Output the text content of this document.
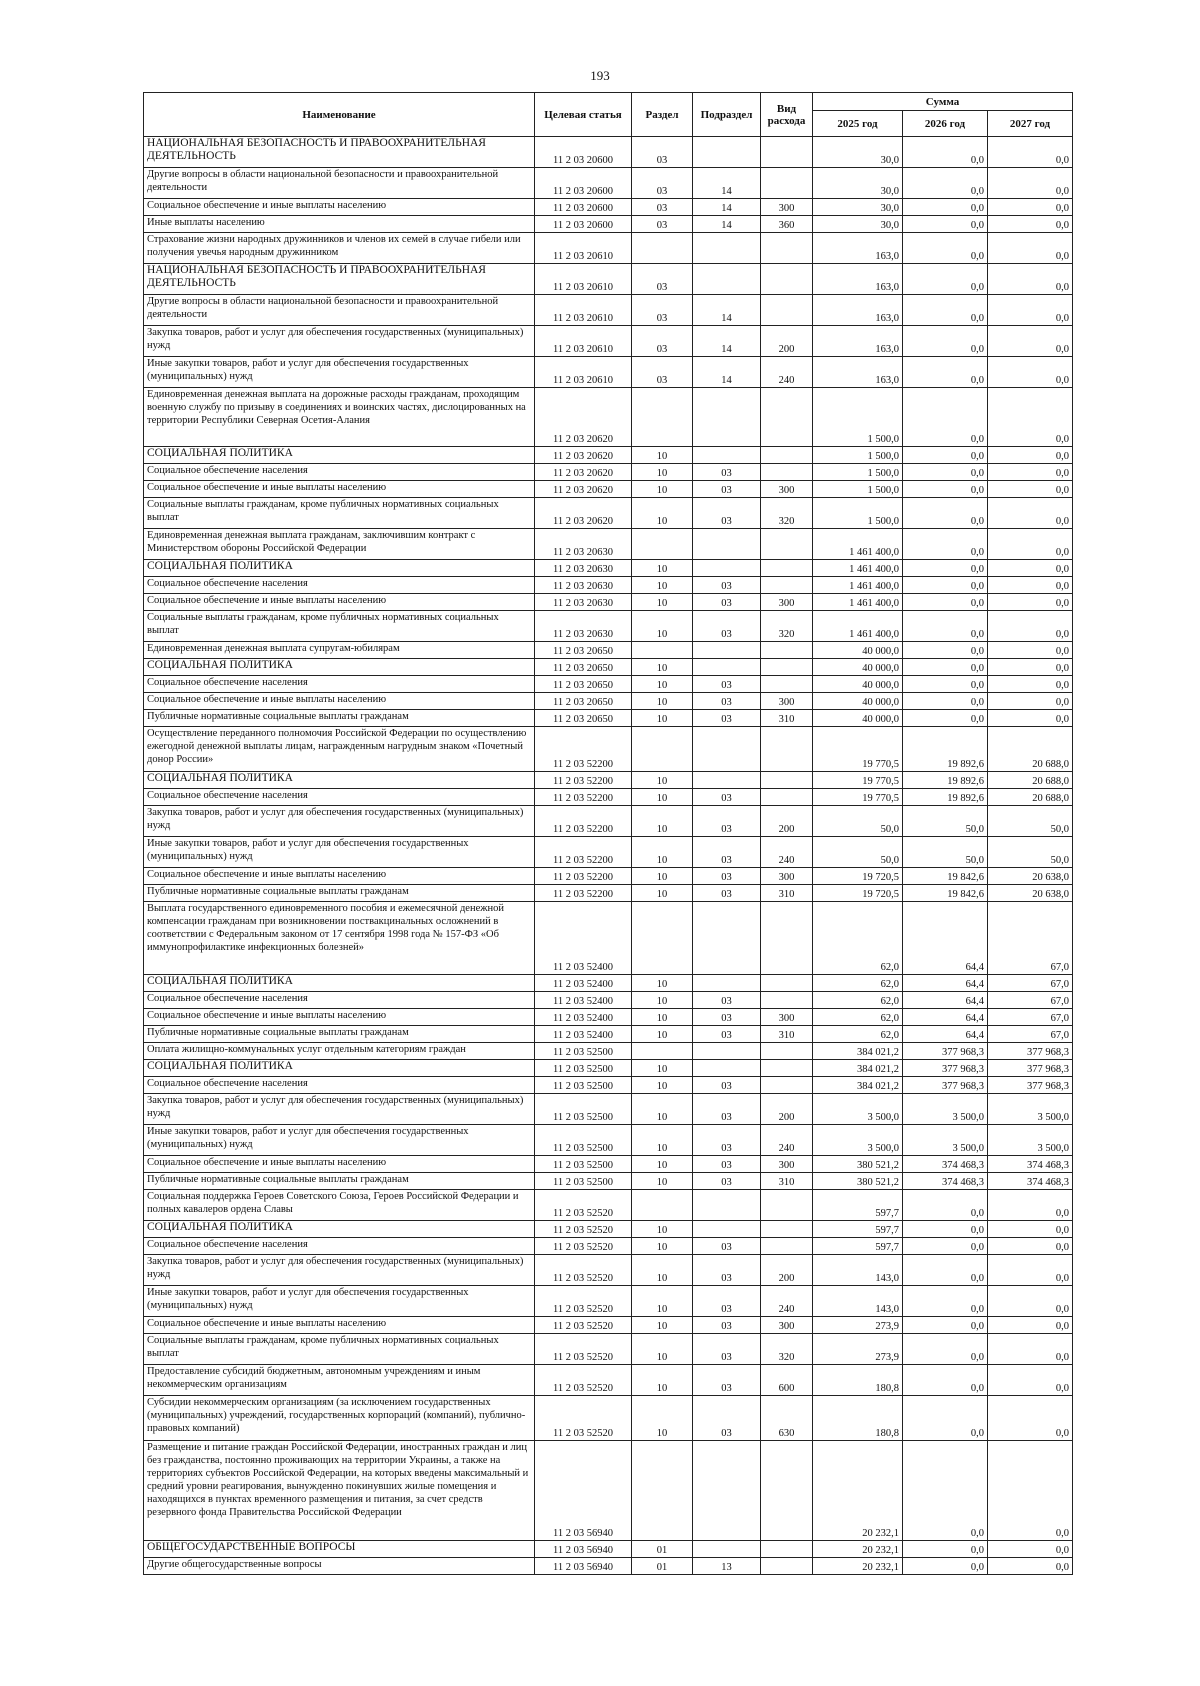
193
Наименование	Целевая статья	Раздел	Подраздел	Вид расхода	Сумма		
					2025 год	2026 год	2027 год
НАЦИОНАЛЬНАЯ БЕЗОПАСНОСТЬ И ПРАВООХРАНИТЕЛЬНАЯ ДЕЯТЕЛЬНОСТЬ	11 2 03 20600	03			30,0	0,0	0,0
Другие вопросы в области национальной безопасности и правоохранительной деятельности	11 2 03 20600	03	14		30,0	0,0	0,0
Социальное обеспечение и иные выплаты населению	11 2 03 20600	03	14	300	30,0	0,0	0,0
Иные выплаты населению	11 2 03 20600	03	14	360	30,0	0,0	0,0
Страхование жизни народных дружинников и членов их семей в случае гибели или получения увечья народным дружинником	11 2 03 20610				163,0	0,0	0,0
НАЦИОНАЛЬНАЯ БЕЗОПАСНОСТЬ И ПРАВООХРАНИТЕЛЬНАЯ ДЕЯТЕЛЬНОСТЬ	11 2 03 20610	03			163,0	0,0	0,0
Другие вопросы в области национальной безопасности и правоохранительной деятельности	11 2 03 20610	03	14		163,0	0,0	0,0
Закупка товаров, работ и услуг для обеспечения государственных (муниципальных) нужд	11 2 03 20610	03	14	200	163,0	0,0	0,0
Иные закупки товаров, работ и услуг для обеспечения государственных (муниципальных) нужд	11 2 03 20610	03	14	240	163,0	0,0	0,0
Единовременная денежная выплата на дорожные расходы гражданам, проходящим военную службу по призыву в соединениях и воинских частях, дислоцированных на территории Республики Северная Осетия-Алания	11 2 03 20620				1 500,0	0,0	0,0
СОЦИАЛЬНАЯ ПОЛИТИКА	11 2 03 20620	10			1 500,0	0,0	0,0
Социальное обеспечение населения	11 2 03 20620	10	03		1 500,0	0,0	0,0
Социальное обеспечение и иные выплаты населению	11 2 03 20620	10	03	300	1 500,0	0,0	0,0
Социальные выплаты гражданам, кроме публичных нормативных социальных выплат	11 2 03 20620	10	03	320	1 500,0	0,0	0,0
Единовременная денежная выплата гражданам, заключившим контракт с Министерством обороны Российской Федерации	11 2 03 20630				1 461 400,0	0,0	0,0
СОЦИАЛЬНАЯ ПОЛИТИКА	11 2 03 20630	10			1 461 400,0	0,0	0,0
Социальное обеспечение населения	11 2 03 20630	10	03		1 461 400,0	0,0	0,0
Социальное обеспечение и иные выплаты населению	11 2 03 20630	10	03	300	1 461 400,0	0,0	0,0
Социальные выплаты гражданам, кроме публичных нормативных социальных выплат	11 2 03 20630	10	03	320	1 461 400,0	0,0	0,0
Единовременная денежная выплата супругам-юбилярам	11 2 03 20650				40 000,0	0,0	0,0
СОЦИАЛЬНАЯ ПОЛИТИКА	11 2 03 20650	10			40 000,0	0,0	0,0
Социальное обеспечение населения	11 2 03 20650	10	03		40 000,0	0,0	0,0
Социальное обеспечение и иные выплаты населению	11 2 03 20650	10	03	300	40 000,0	0,0	0,0
Публичные нормативные социальные выплаты гражданам	11 2 03 20650	10	03	310	40 000,0	0,0	0,0
Осуществление переданного полномочия Российской Федерации по осуществлению ежегодной денежной выплаты лицам, награжденным нагрудным знаком «Почетный донор России»	11 2 03 52200				19 770,5	19 892,6	20 688,0
СОЦИАЛЬНАЯ ПОЛИТИКА	11 2 03 52200	10			19 770,5	19 892,6	20 688,0
Социальное обеспечение населения	11 2 03 52200	10	03		19 770,5	19 892,6	20 688,0
Закупка товаров, работ и услуг для обеспечения государственных (муниципальных) нужд	11 2 03 52200	10	03	200	50,0	50,0	50,0
Иные закупки товаров, работ и услуг для обеспечения государственных (муниципальных) нужд	11 2 03 52200	10	03	240	50,0	50,0	50,0
Социальное обеспечение и иные выплаты населению	11 2 03 52200	10	03	300	19 720,5	19 842,6	20 638,0
Публичные нормативные социальные выплаты гражданам	11 2 03 52200	10	03	310	19 720,5	19 842,6	20 638,0
Выплата государственного единовременного пособия и ежемесячной денежной компенсации гражданам при возникновении поствакцинальных осложнений в соответствии с Федеральным законом от 17 сентября 1998 года № 157-ФЗ «Об иммунопрофилактике инфекционных болезней»	11 2 03 52400				62,0	64,4	67,0
СОЦИАЛЬНАЯ ПОЛИТИКА	11 2 03 52400	10			62,0	64,4	67,0
Социальное обеспечение населения	11 2 03 52400	10	03		62,0	64,4	67,0
Социальное обеспечение и иные выплаты населению	11 2 03 52400	10	03	300	62,0	64,4	67,0
Публичные нормативные социальные выплаты гражданам	11 2 03 52400	10	03	310	62,0	64,4	67,0
Оплата жилищно-коммунальных услуг отдельным категориям граждан	11 2 03 52500				384 021,2	377 968,3	377 968,3
СОЦИАЛЬНАЯ ПОЛИТИКА	11 2 03 52500	10			384 021,2	377 968,3	377 968,3
Социальное обеспечение населения	11 2 03 52500	10	03		384 021,2	377 968,3	377 968,3
Закупка товаров, работ и услуг для обеспечения государственных (муниципальных) нужд	11 2 03 52500	10	03	200	3 500,0	3 500,0	3 500,0
Иные закупки товаров, работ и услуг для обеспечения государственных (муниципальных) нужд	11 2 03 52500	10	03	240	3 500,0	3 500,0	3 500,0
Социальное обеспечение и иные выплаты населению	11 2 03 52500	10	03	300	380 521,2	374 468,3	374 468,3
Публичные нормативные социальные выплаты гражданам	11 2 03 52500	10	03	310	380 521,2	374 468,3	374 468,3
Социальная поддержка Героев Советского Союза, Героев Российской Федерации и полных кавалеров ордена Славы	11 2 03 52520				597,7	0,0	0,0
СОЦИАЛЬНАЯ ПОЛИТИКА	11 2 03 52520	10			597,7	0,0	0,0
Социальное обеспечение населения	11 2 03 52520	10	03		597,7	0,0	0,0
Закупка товаров, работ и услуг для обеспечения государственных (муниципальных) нужд	11 2 03 52520	10	03	200	143,0	0,0	0,0
Иные закупки товаров, работ и услуг для обеспечения государственных (муниципальных) нужд	11 2 03 52520	10	03	240	143,0	0,0	0,0
Социальное обеспечение и иные выплаты населению	11 2 03 52520	10	03	300	273,9	0,0	0,0
Социальные выплаты гражданам, кроме публичных нормативных социальных выплат	11 2 03 52520	10	03	320	273,9	0,0	0,0
Предоставление субсидий бюджетным, автономным учреждениям и иным некоммерческим организациям	11 2 03 52520	10	03	600	180,8	0,0	0,0
Субсидии некоммерческим организациям (за исключением государственных (муниципальных) учреждений, государственных корпораций (компаний), публично-правовых компаний)	11 2 03 52520	10	03	630	180,8	0,0	0,0
Размещение и питание граждан Российской Федерации, иностранных граждан и лиц без гражданства, постоянно проживающих на территории Украины, а также на территориях субъектов Российской Федерации, на которых введены максимальный и средний уровни реагирования, вынужденно покинувших жилые помещения и находящихся в пунктах временного размещения и питания, за счет средств резервного фонда Правительства Российской Федерации	11 2 03 56940				20 232,1	0,0	0,0
ОБЩЕГОСУДАРСТВЕННЫЕ ВОПРОСЫ	11 2 03 56940	01			20 232,1	0,0	0,0
Другие общегосударственные вопросы	11 2 03 56940	01	13		20 232,1	0,0	0,0
